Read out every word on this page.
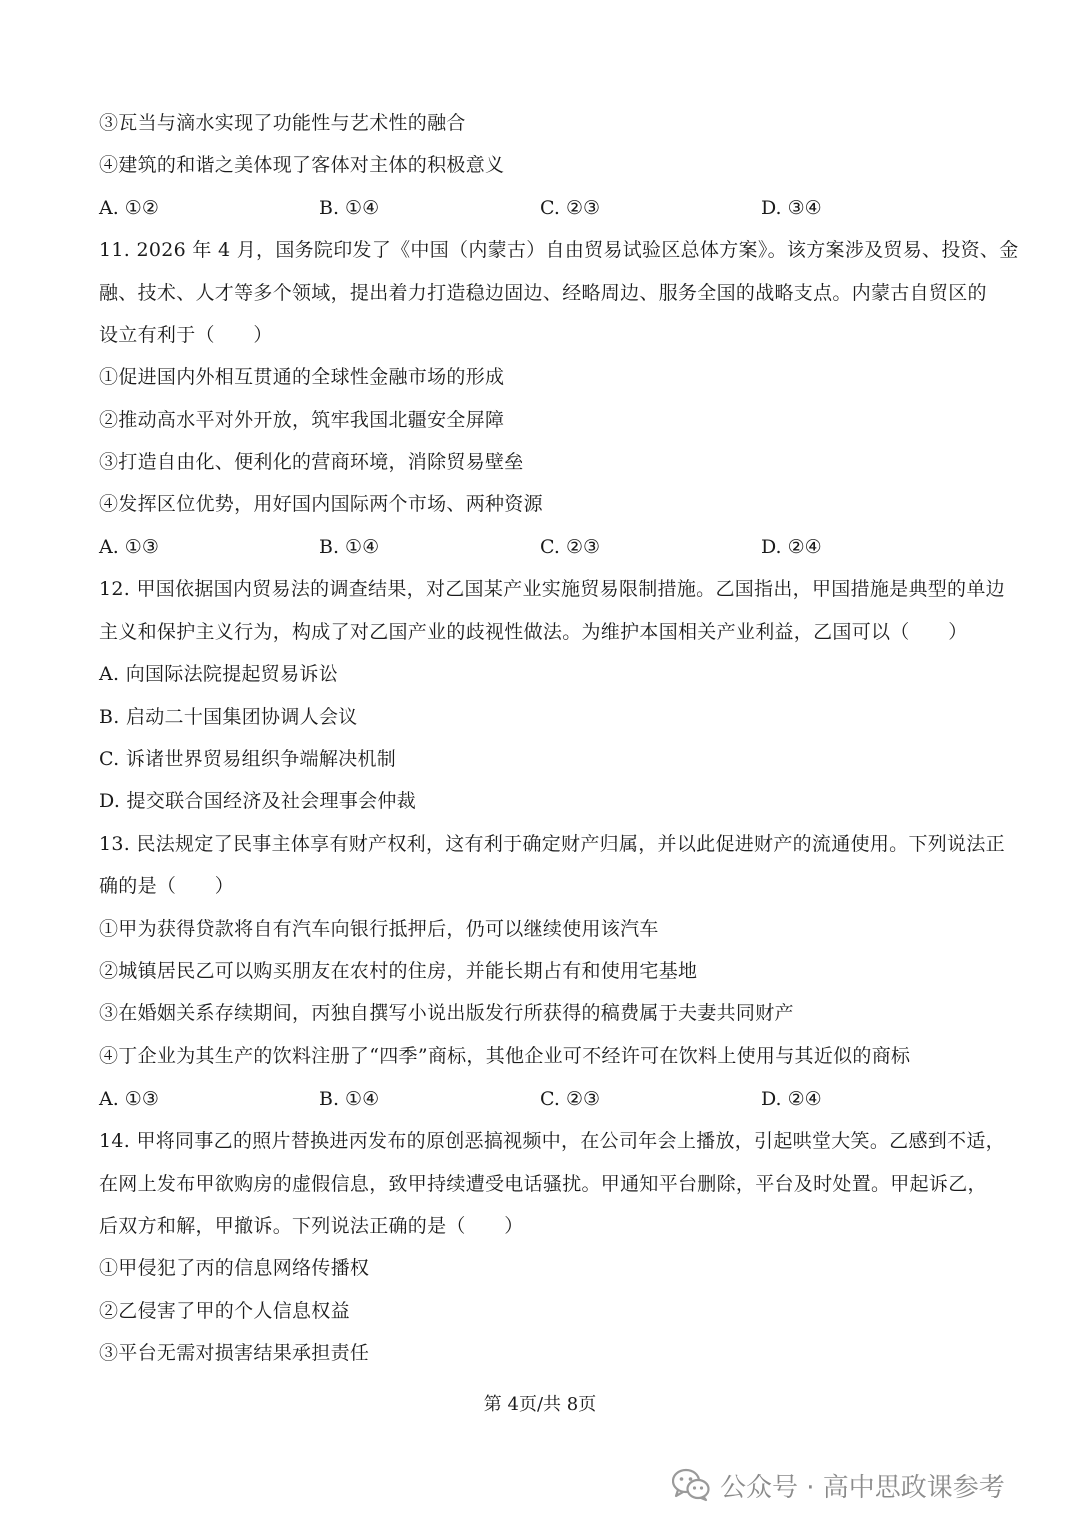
③瓦当与滴水实现了功能性与艺术性的融合
④建筑的和谐之美体现了客体对主体的积极意义
A. ①②	B. ①④	C. ②③	D. ③④
11. 2026 年 4 月，国务院印发了《中国（内蒙古）自由贸易试验区总体方案》。该方案涉及贸易、投资、金
融、技术、人才等多个领域，提出着力打造稳边固边、经略周边、服务全国的战略支点。内蒙古自贸区的
设立有利于（　　）
①促进国内外相互贯通的全球性金融市场的形成
②推动高水平对外开放，筑牢我国北疆安全屏障
③打造自由化、便利化的营商环境，消除贸易壁垒
④发挥区位优势，用好国内国际两个市场、两种资源
A. ①③	B. ①④	C. ②③	D. ②④
12. 甲国依据国内贸易法的调查结果，对乙国某产业实施贸易限制措施。乙国指出，甲国措施是典型的单边
主义和保护主义行为，构成了对乙国产业的歧视性做法。为维护本国相关产业利益，乙国可以（　　）
A. 向国际法院提起贸易诉讼
B. 启动二十国集团协调人会议
C. 诉诸世界贸易组织争端解决机制
D. 提交联合国经济及社会理事会仲裁
13. 民法规定了民事主体享有财产权利，这有利于确定财产归属，并以此促进财产的流通使用。下列说法正
确的是（　　）
①甲为获得贷款将自有汽车向银行抵押后，仍可以继续使用该汽车
②城镇居民乙可以购买朋友在农村的住房，并能长期占有和使用宅基地
③在婚姻关系存续期间，丙独自撰写小说出版发行所获得的稿费属于夫妻共同财产
④丁企业为其生产的饮料注册了“四季”商标，其他企业可不经许可在饮料上使用与其近似的商标
A. ①③	B. ①④	C. ②③	D. ②④
14. 甲将同事乙的照片替换进丙发布的原创恶搞视频中，在公司年会上播放，引起哄堂大笑。乙感到不适，
在网上发布甲欲购房的虚假信息，致甲持续遭受电话骚扰。甲通知平台删除，平台及时处置。甲起诉乙，
后双方和解，甲撤诉。下列说法正确的是（　　）
①甲侵犯了丙的信息网络传播权
②乙侵害了甲的个人信息权益
③平台无需对损害结果承担责任
第 4页/共 8页
公众号 · 高中思政课参考
